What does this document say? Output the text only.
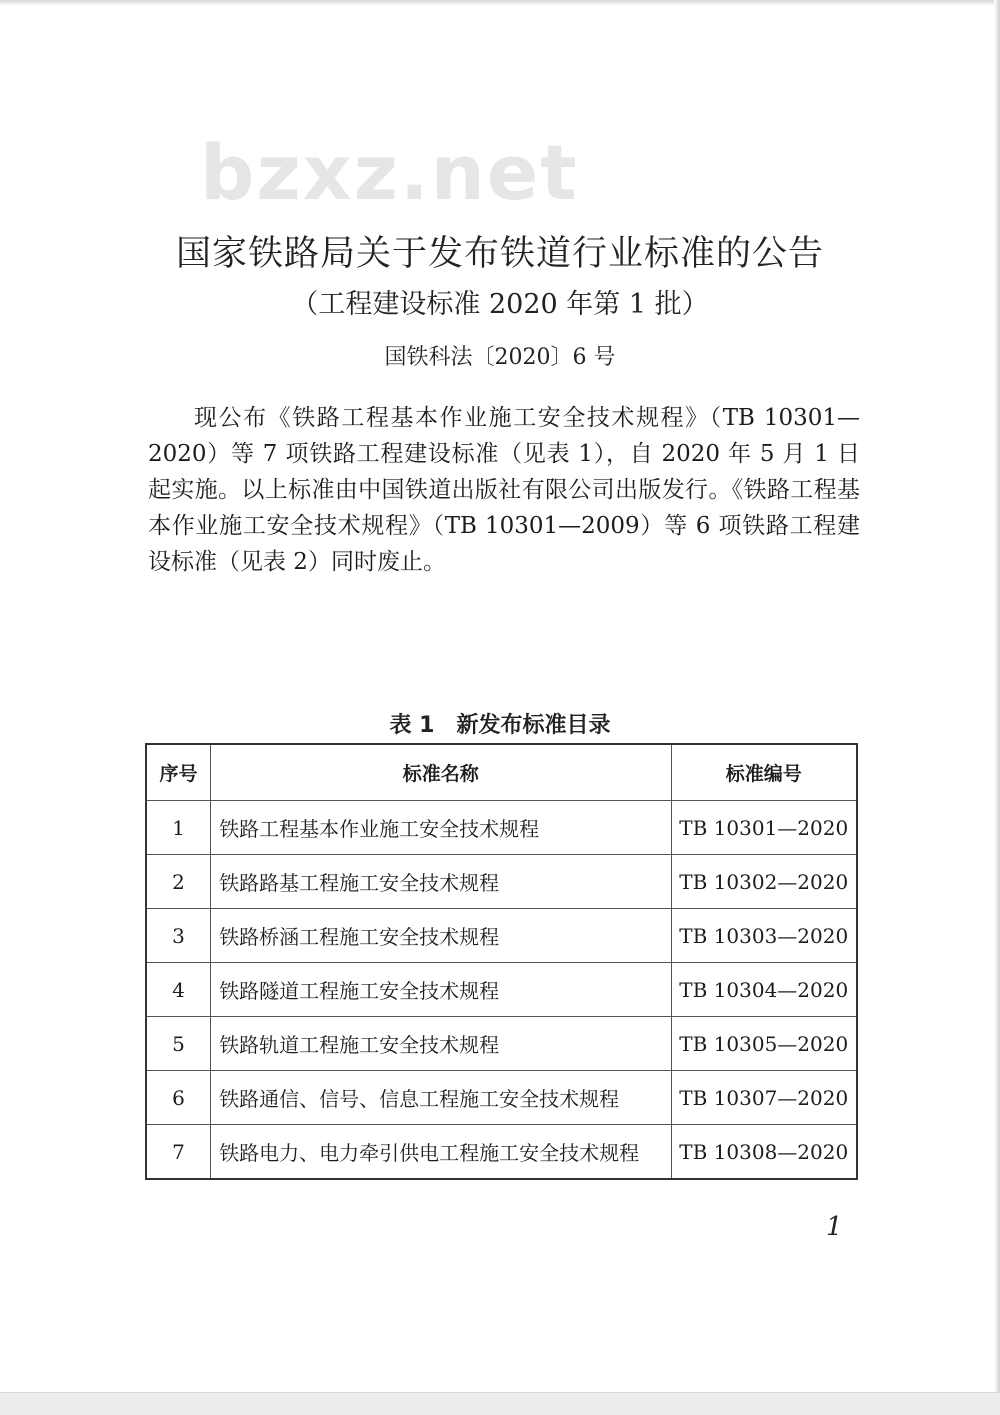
bzxz.net
国家铁路局关于发布铁道行业标准的公告
（工程建设标准 2020 年第 1 批）
国铁科法〔2020〕6 号

现公布《铁路工程基本作业施工安全技术规程》（TB 10301—2020）等 7 项铁路工程建设标准（见表 1），自 2020 年 5 月 1 日起实施。以上标准由中国铁道出版社有限公司出版发行。《铁路工程基本作业施工安全技术规程》（TB 10301—2009）等 6 项铁路工程建设标准（见表 2）同时废止。

表 1　新发布标准目录
序号	标准名称	标准编号
1	铁路工程基本作业施工安全技术规程	TB 10301—2020
2	铁路路基工程施工安全技术规程	TB 10302—2020
3	铁路桥涵工程施工安全技术规程	TB 10303—2020
4	铁路隧道工程施工安全技术规程	TB 10304—2020
5	铁路轨道工程施工安全技术规程	TB 10305—2020
6	铁路通信、信号、信息工程施工安全技术规程	TB 10307—2020
7	铁路电力、电力牵引供电工程施工安全技术规程	TB 10308—2020
1
